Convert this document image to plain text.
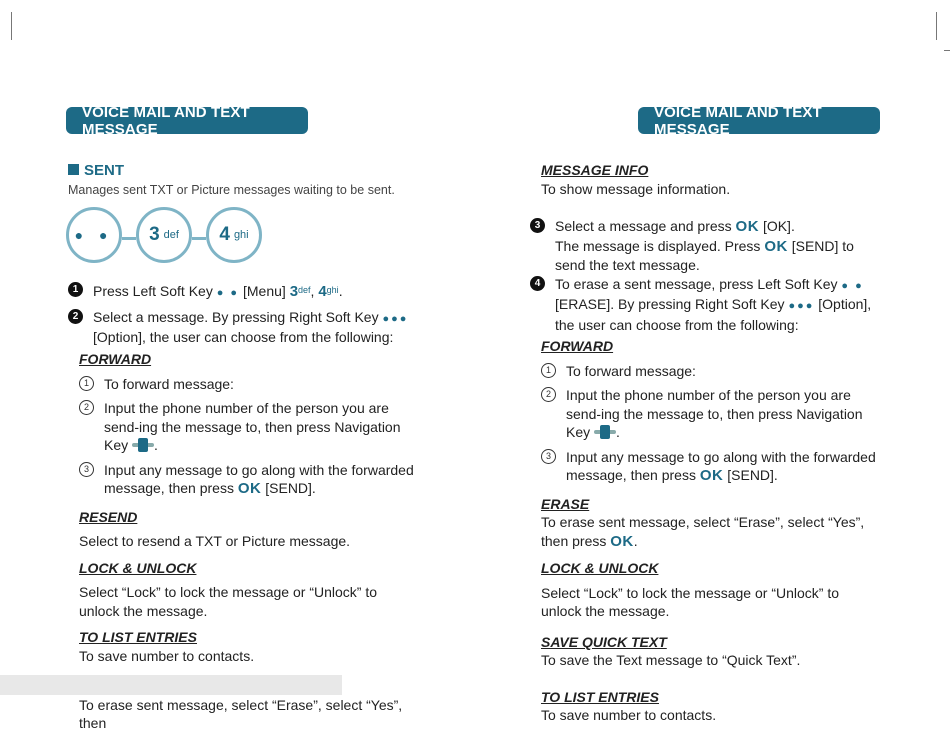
VOICE MAIL AND TEXT MESSAGE
VOICE MAIL AND TEXT MESSAGE
SENT
Manages sent TXT or Picture messages waiting to be sent.
● ● 3 def 4 ghi
1	Press Left Soft Key ● ● [Menu] $3^{def}$, $4^{ghi}$.
2	Select a message. By pressing Right Soft Key ●●● [Option], the user can choose from the following:
FORWARD
1	To forward message:
2	Input the phone number of the person you are send-ing the message to, then press Navigation Key .
3	Input any message to go along with the forwarded message, then press OK [SEND].
RESEND
Select to resend a TXT or Picture message.
LOCK & UNLOCK
Select “Lock” to lock the message or “Unlock” to unlock the message.
TO LIST ENTRIES
To save number to contacts.
To erase sent message, select “Erase”, select “Yes”, then
MESSAGE INFO
To show message information.
3	Select a message and press OK [OK].
The message is displayed. Press OK [SEND] to send the text message.
4	To erase a sent message, press Left Soft Key ● ● [ERASE]. By pressing Right Soft Key ●●● [Option], the user can choose from the following:
FORWARD
1	To forward message:
2	Input the phone number of the person you are send-ing the message to, then press Navigation Key .
3	Input any message to go along with the forwarded message, then press OK [SEND].
ERASE
To erase sent message, select “Erase”, select “Yes”, then press OK.
LOCK & UNLOCK
Select “Lock” to lock the message or “Unlock” to unlock the message.
SAVE QUICK TEXT
To save the Text message to “Quick Text”.
TO LIST ENTRIES
To save number to contacts.
